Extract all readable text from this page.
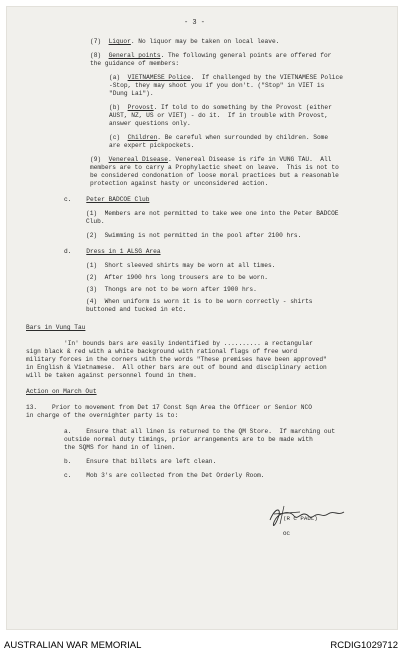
- 3 -
(7)  Liquor. No liquor may be taken on local leave.
(8)  General points. The following general points are offered for
the guidance of members:
(a)  VIETNAMESE Police.  If challenged by the VIETNAMESE Police
-Stop, they may shoot you if you don't. ("Stop" in VIET is
"Dung Lai").
(b)  Provost. If told to do something by the Provost (either
AUST, NZ, US or VIET) - do it.  If in trouble with Provost,
answer questions only.
(c)  Children. Be careful when surrounded by children. Some
are expert pickpockets.
(9)  Venereal Disease. Venereal Disease is rife in VUNG TAU.  All
members are to carry a Prophylactic sheet on leave.  This is not to
be considered condonation of loose moral practices but a reasonable
protection against hasty or unconsidered action.
c.    Peter BADCOE Club
(1)  Members are not permitted to take wee one into the Peter BADCOE
Club.
(2)  Swimming is not permitted in the pool after 2100 hrs.
d.    Dress in 1 ALSG Area
(1)  Short sleeved shirts may be worn at all times.
(2)  After 1900 hrs long trousers are to be worn.
(3)  Thongs are not to be worn after 1900 hrs.
(4)  When uniform is worn it is to be worn correctly - shirts
buttoned and tucked in etc.
Bars in Vung Tau
'In' bounds bars are easily indentified by .......... a rectangular
sign black & red with a white background with rational flags of free word
military forces in the corners with the words "These premises have been approved"
in English & Vietnamese.  All other bars are out of bound and disciplinary action
will be taken against personnel found in them.
Action on March Out
13.    Prior to movement from Det 17 Const Sqn Area the Officer or Senior NCO
in charge of the overnighter party is to:
a.    Ensure that all linen is returned to the QM Store.  If marching out
outside normal duty timings, prior arrangements are to be made with
the SQMS for hand in of linen.
b.    Ensure that billets are left clean.
c.    Mob 3's are collected from the Det Orderly Room.
(R C PAUL)
OC
AUSTRALIAN WAR MEMORIAL	RCDIG1029712
